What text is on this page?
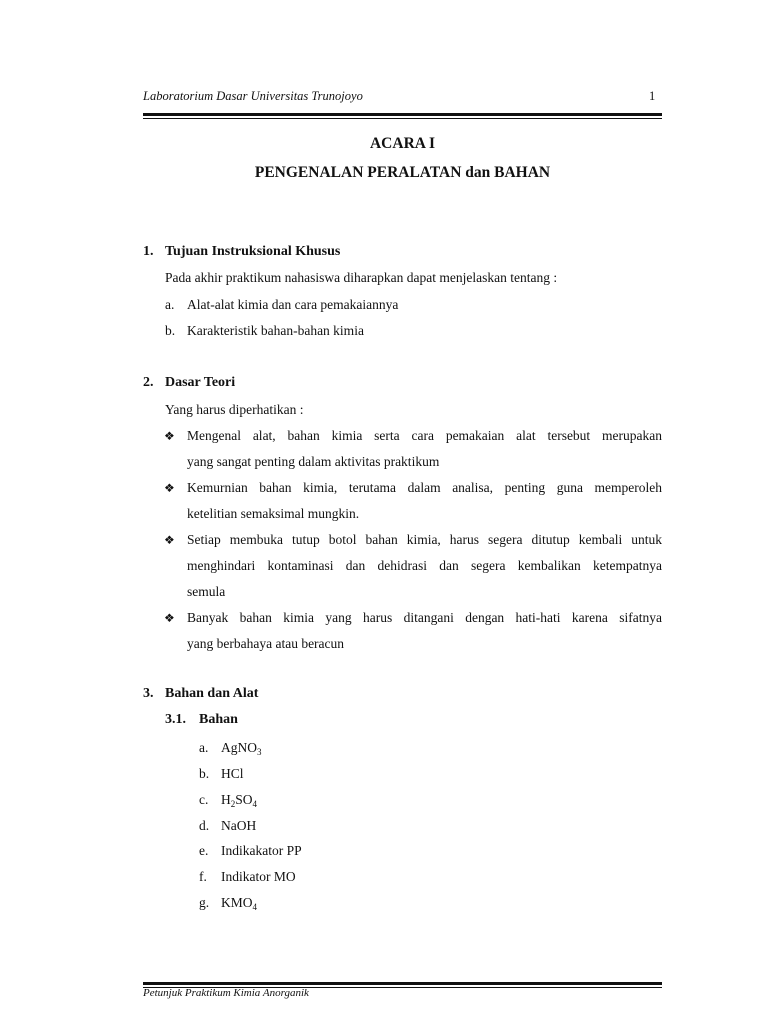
Laboratorium Dasar Universitas Trunojoyo	1
ACARA I
PENGENALAN PERALATAN dan BAHAN
1. Tujuan Instruksional Khusus
Pada akhir praktikum nahasiswa diharapkan dapat menjelaskan tentang :
a. Alat-alat kimia dan cara pemakaiannya
b. Karakteristik bahan-bahan kimia
2. Dasar Teori
Yang harus diperhatikan :
❖ Mengenal alat, bahan kimia serta cara pemakaian alat tersebut merupakan
yang sangat penting dalam aktivitas praktikum
❖ Kemurnian bahan kimia, terutama dalam analisa, penting guna memperoleh
ketelitian semaksimal mungkin.
❖ Setiap membuka tutup botol bahan kimia, harus segera ditutup kembali untuk
menghindari kontaminasi dan dehidrasi dan segera kembalikan ketempatnya
semula
❖ Banyak bahan kimia yang harus ditangani dengan hati-hati karena sifatnya
yang berbahaya atau beracun
3. Bahan dan Alat
3.1. Bahan
a. AgNO$_3$
b. HCl
c. $H_2SO_4$
d. NaOH
e. Indikakator PP
f. Indikator MO
g. $KMO_4$
Petunjuk Praktikum Kimia Anorganik
